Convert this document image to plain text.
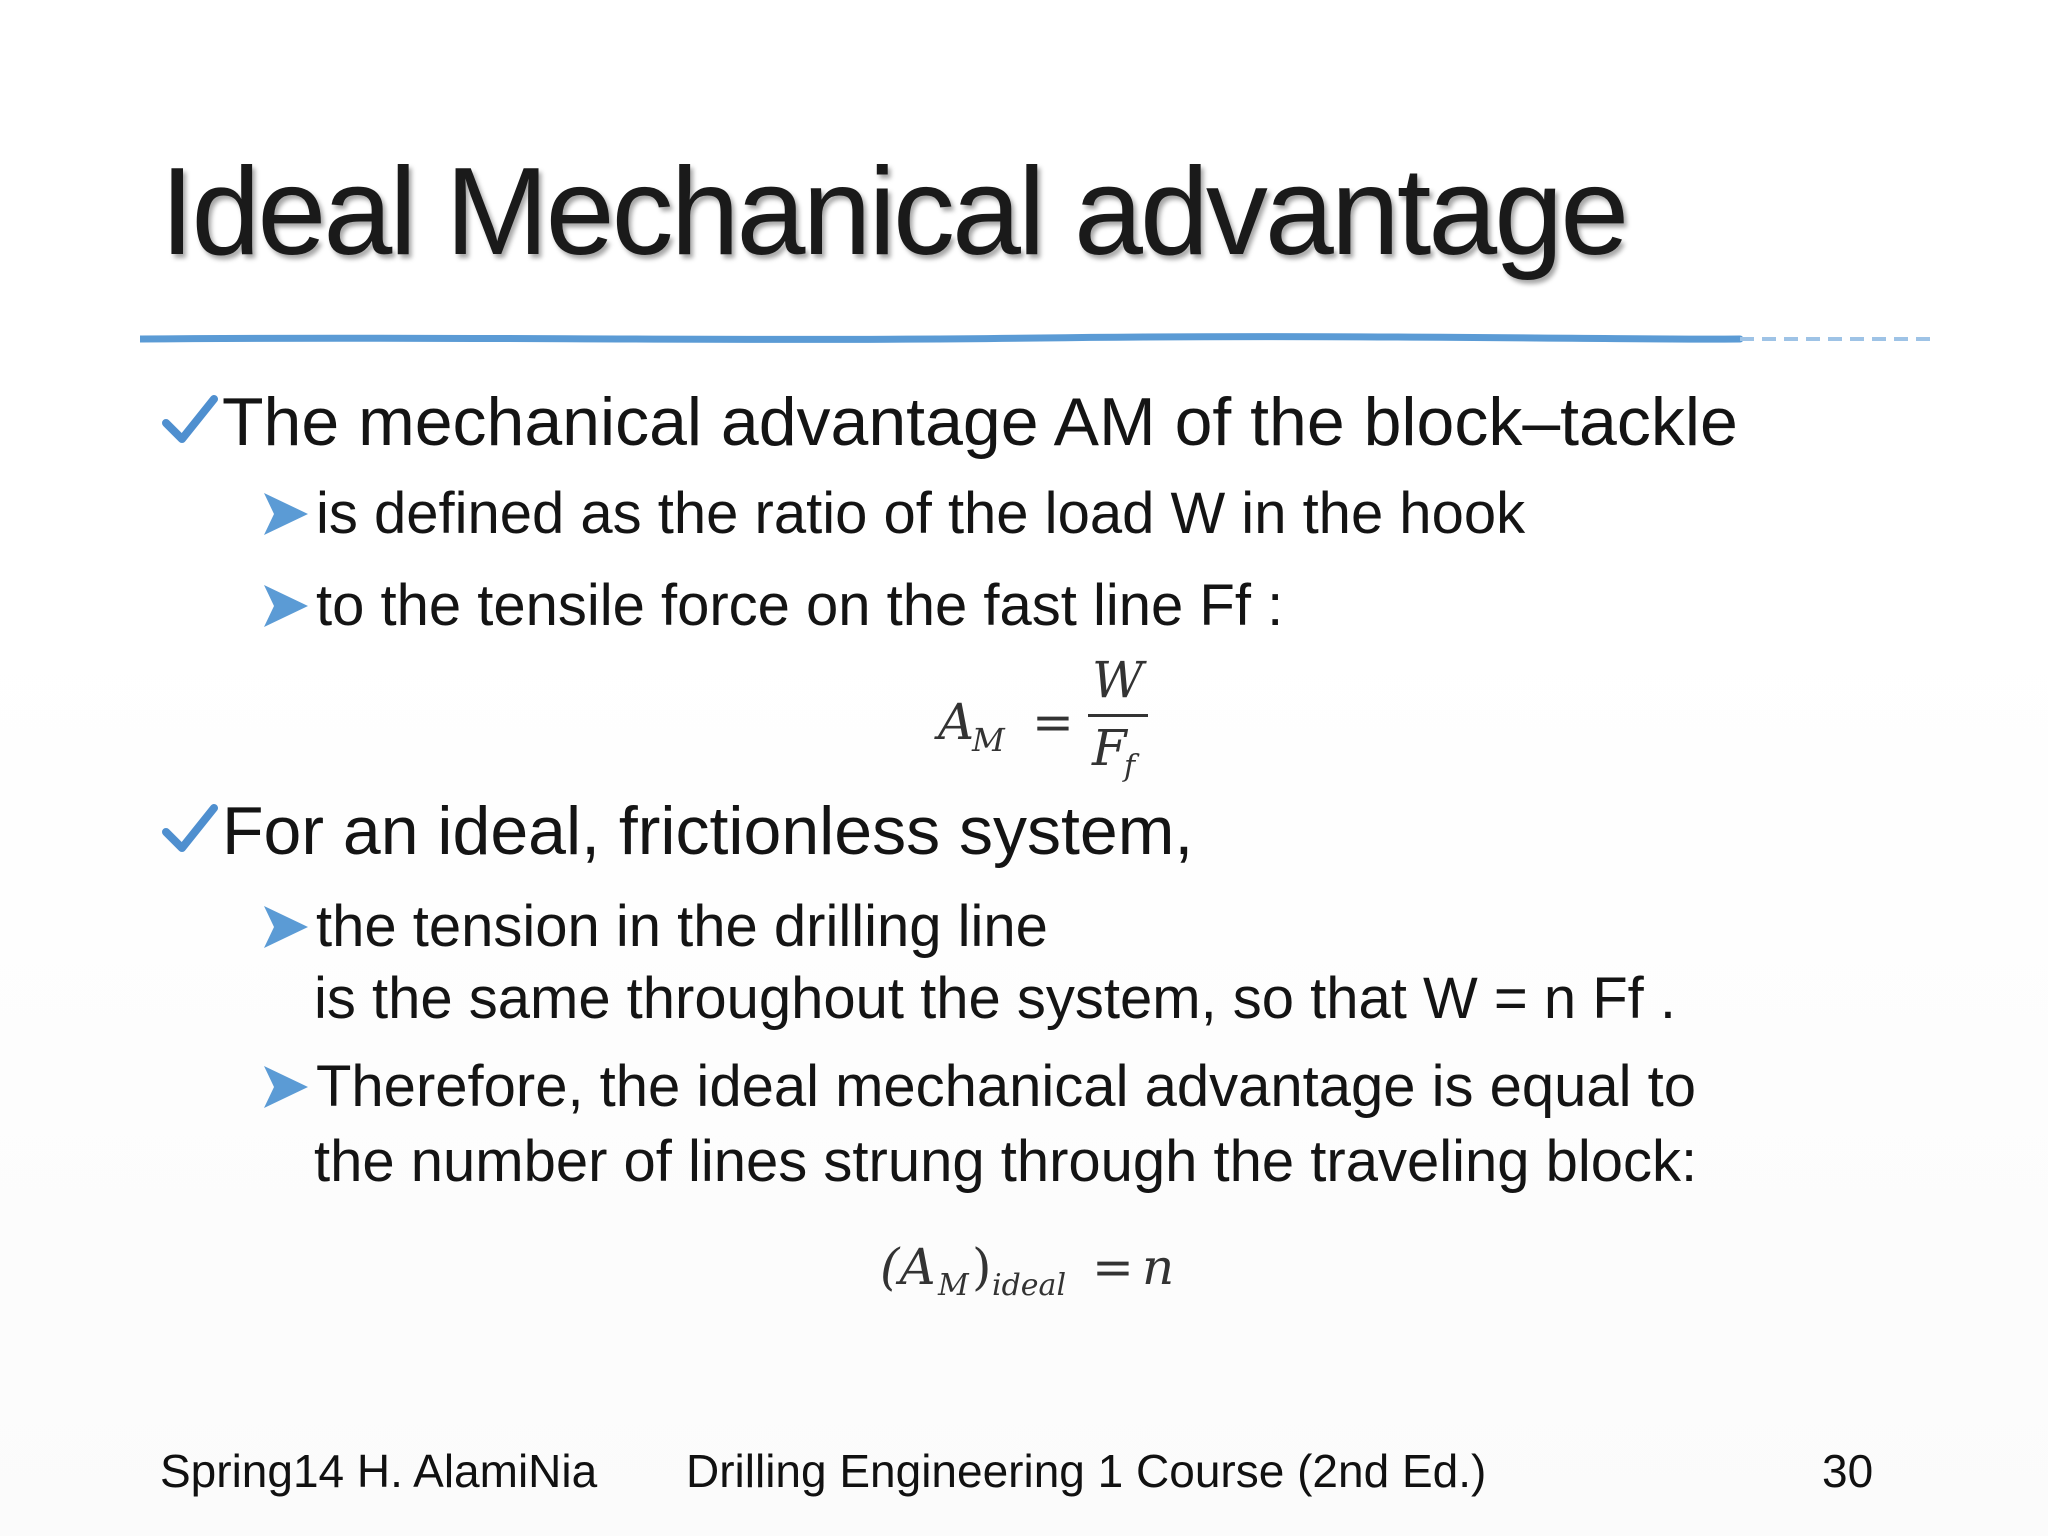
Ideal Mechanical advantage
The mechanical advantage AM of the block–tackle
is defined as the ratio of the load W in the hook
to the tensile force on the fast line Ff :
A
M =
W
F
f
For an ideal, frictionless system,
the tension in the drilling line
is the same throughout the system, so that W = n Ff .
Therefore, the ideal mechanical advantage is equal to
the number of lines strung through the traveling block:
(A M ) ideal = n
Spring14 H. AlamiNia Drilling Engineering 1 Course (2nd Ed.)	30
